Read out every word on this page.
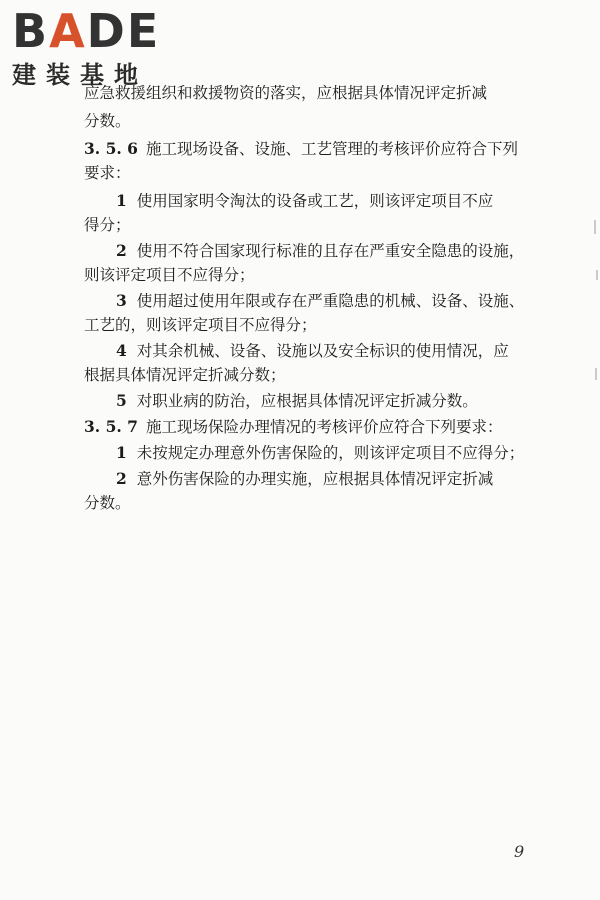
BADE
建装基地
应急救援组织和救援物资的落实，应根据具体情况评定折减
分数。
3. 5. 6 施工现场设备、设施、工艺管理的考核评价应符合下列
要求：
1 使用国家明令淘汰的设备或工艺，则该评定项目不应
得分；
2 使用不符合国家现行标准的且存在严重安全隐患的设施，
则该评定项目不应得分；
3 使用超过使用年限或存在严重隐患的机械、设备、设施、
工艺的，则该评定项目不应得分；
4 对其余机械、设备、设施以及安全标识的使用情况，应
根据具体情况评定折减分数；
5 对职业病的防治，应根据具体情况评定折减分数。
3. 5. 7 施工现场保险办理情况的考核评价应符合下列要求：
1 未按规定办理意外伤害保险的，则该评定项目不应得分；
2 意外伤害保险的办理实施，应根据具体情况评定折减
分数。
9
